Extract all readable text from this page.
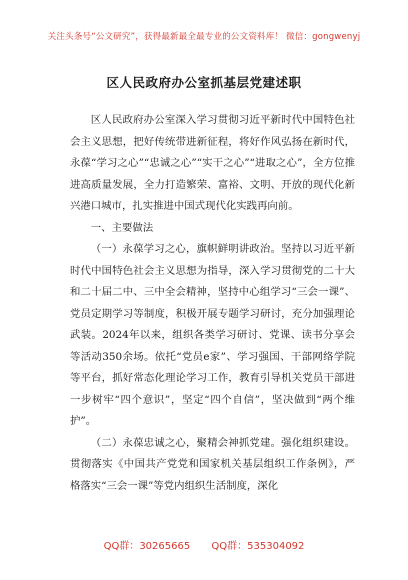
关注头条号“公文研究”，获得最新最全最专业的公文资料库！ 微信：gongwenyj
区人民政府办公室抓基层党建述职

区人民政府办公室深入学习贯彻习近平新时代中国特色社会主义思想，把好传统带进新征程，将好作风弘扬在新时代，永葆“学习之心”“忠诚之心”“实干之心”“进取之心”，全方位推进高质量发展，全力打造繁荣、富裕、文明、开放的现代化新兴港口城市，扎实推进中国式现代化实践再向前。

一、主要做法

（一）永葆学习之心，旗帜鲜明讲政治。坚持以习近平新时代中国特色社会主义思想为指导，深入学习贯彻党的二十大和二十届二中、三中全会精神，坚持中心组学习“三会一课”、党员定期学习等制度，积极开展专题学习研讨，充分加强理论武装。2024年以来，组织各类学习研讨、党课、读书分享会等活动350余场。依托“党员e家”、学习强国、干部网络学院等平台，抓好常态化理论学习工作，教育引导机关党员干部进一步树牢“四个意识”，坚定“四个自信”，坚决做到“两个维护”。

（二）永葆忠诚之心，聚精会神抓党建。强化组织建设。贯彻落实《中国共产党党和国家机关基层组织工作条例》，严格落实“三会一课”等党内组织生活制度，深化

QQ群：30265665 QQ群：535304092
